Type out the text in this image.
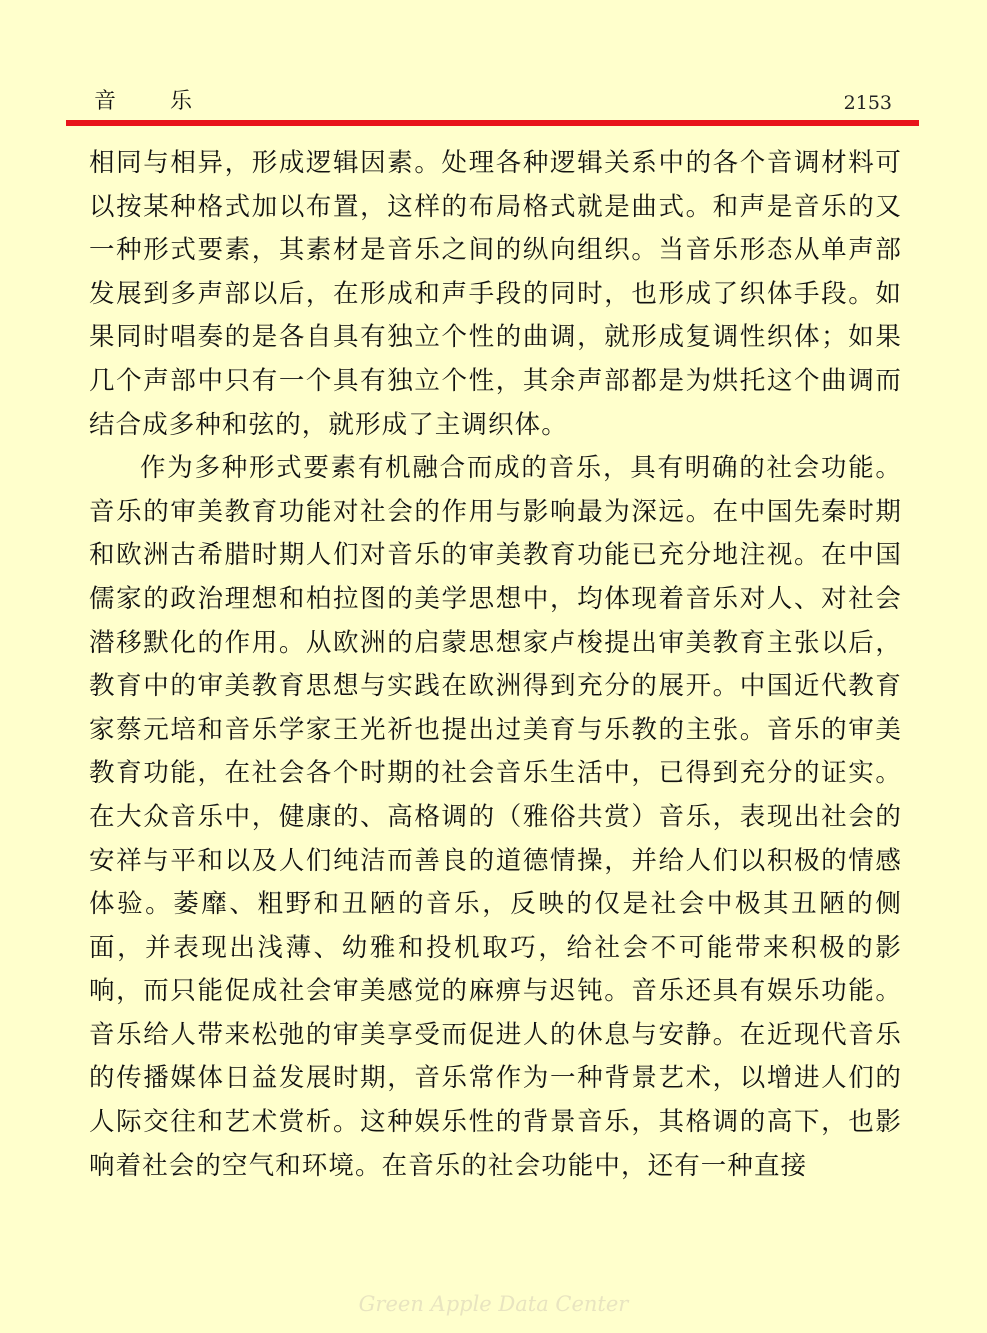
音 乐	2153

相同与相异，形成逻辑因素。处理各种逻辑关系中的各个音调材料可以按某种格式加以布置，这样的布局格式就是曲式。和声是音乐的又一种形式要素，其素材是音乐之间的纵向组织。当音乐形态从单声部发展到多声部以后，在形成和声手段的同时，也形成了织体手段。如果同时唱奏的是各自具有独立个性的曲调，就形成复调性织体；如果几个声部中只有一个具有独立个性，其余声部都是为烘托这个曲调而结合成多种和弦的，就形成了主调织体。

作为多种形式要素有机融合而成的音乐，具有明确的社会功能。音乐的审美教育功能对社会的作用与影响最为深远。在中国先秦时期和欧洲古希腊时期人们对音乐的审美教育功能已充分地注视。在中国儒家的政治理想和柏拉图的美学思想中，均体现着音乐对人、对社会潜移默化的作用。从欧洲的启蒙思想家卢梭提出审美教育主张以后，教育中的审美教育思想与实践在欧洲得到充分的展开。中国近代教育家蔡元培和音乐学家王光祈也提出过美育与乐教的主张。音乐的审美教育功能，在社会各个时期的社会音乐生活中，已得到充分的证实。在大众音乐中，健康的、高格调的（雅俗共赏）音乐，表现出社会的安祥与平和以及人们纯洁而善良的道德情操，并给人们以积极的情感体验。萎靡、粗野和丑陋的音乐，反映的仅是社会中极其丑陋的侧面，并表现出浅薄、幼雅和投机取巧，给社会不可能带来积极的影响，而只能促成社会审美感觉的麻痹与迟钝。音乐还具有娱乐功能。音乐给人带来松弛的审美享受而促进人的休息与安静。在近现代音乐的传播媒体日益发展时期，音乐常作为一种背景艺术，以增进人们的人际交往和艺术赏析。这种娱乐性的背景音乐，其格调的高下，也影响着社会的空气和环境。在音乐的社会功能中，还有一种直接

Green Apple Data Center
